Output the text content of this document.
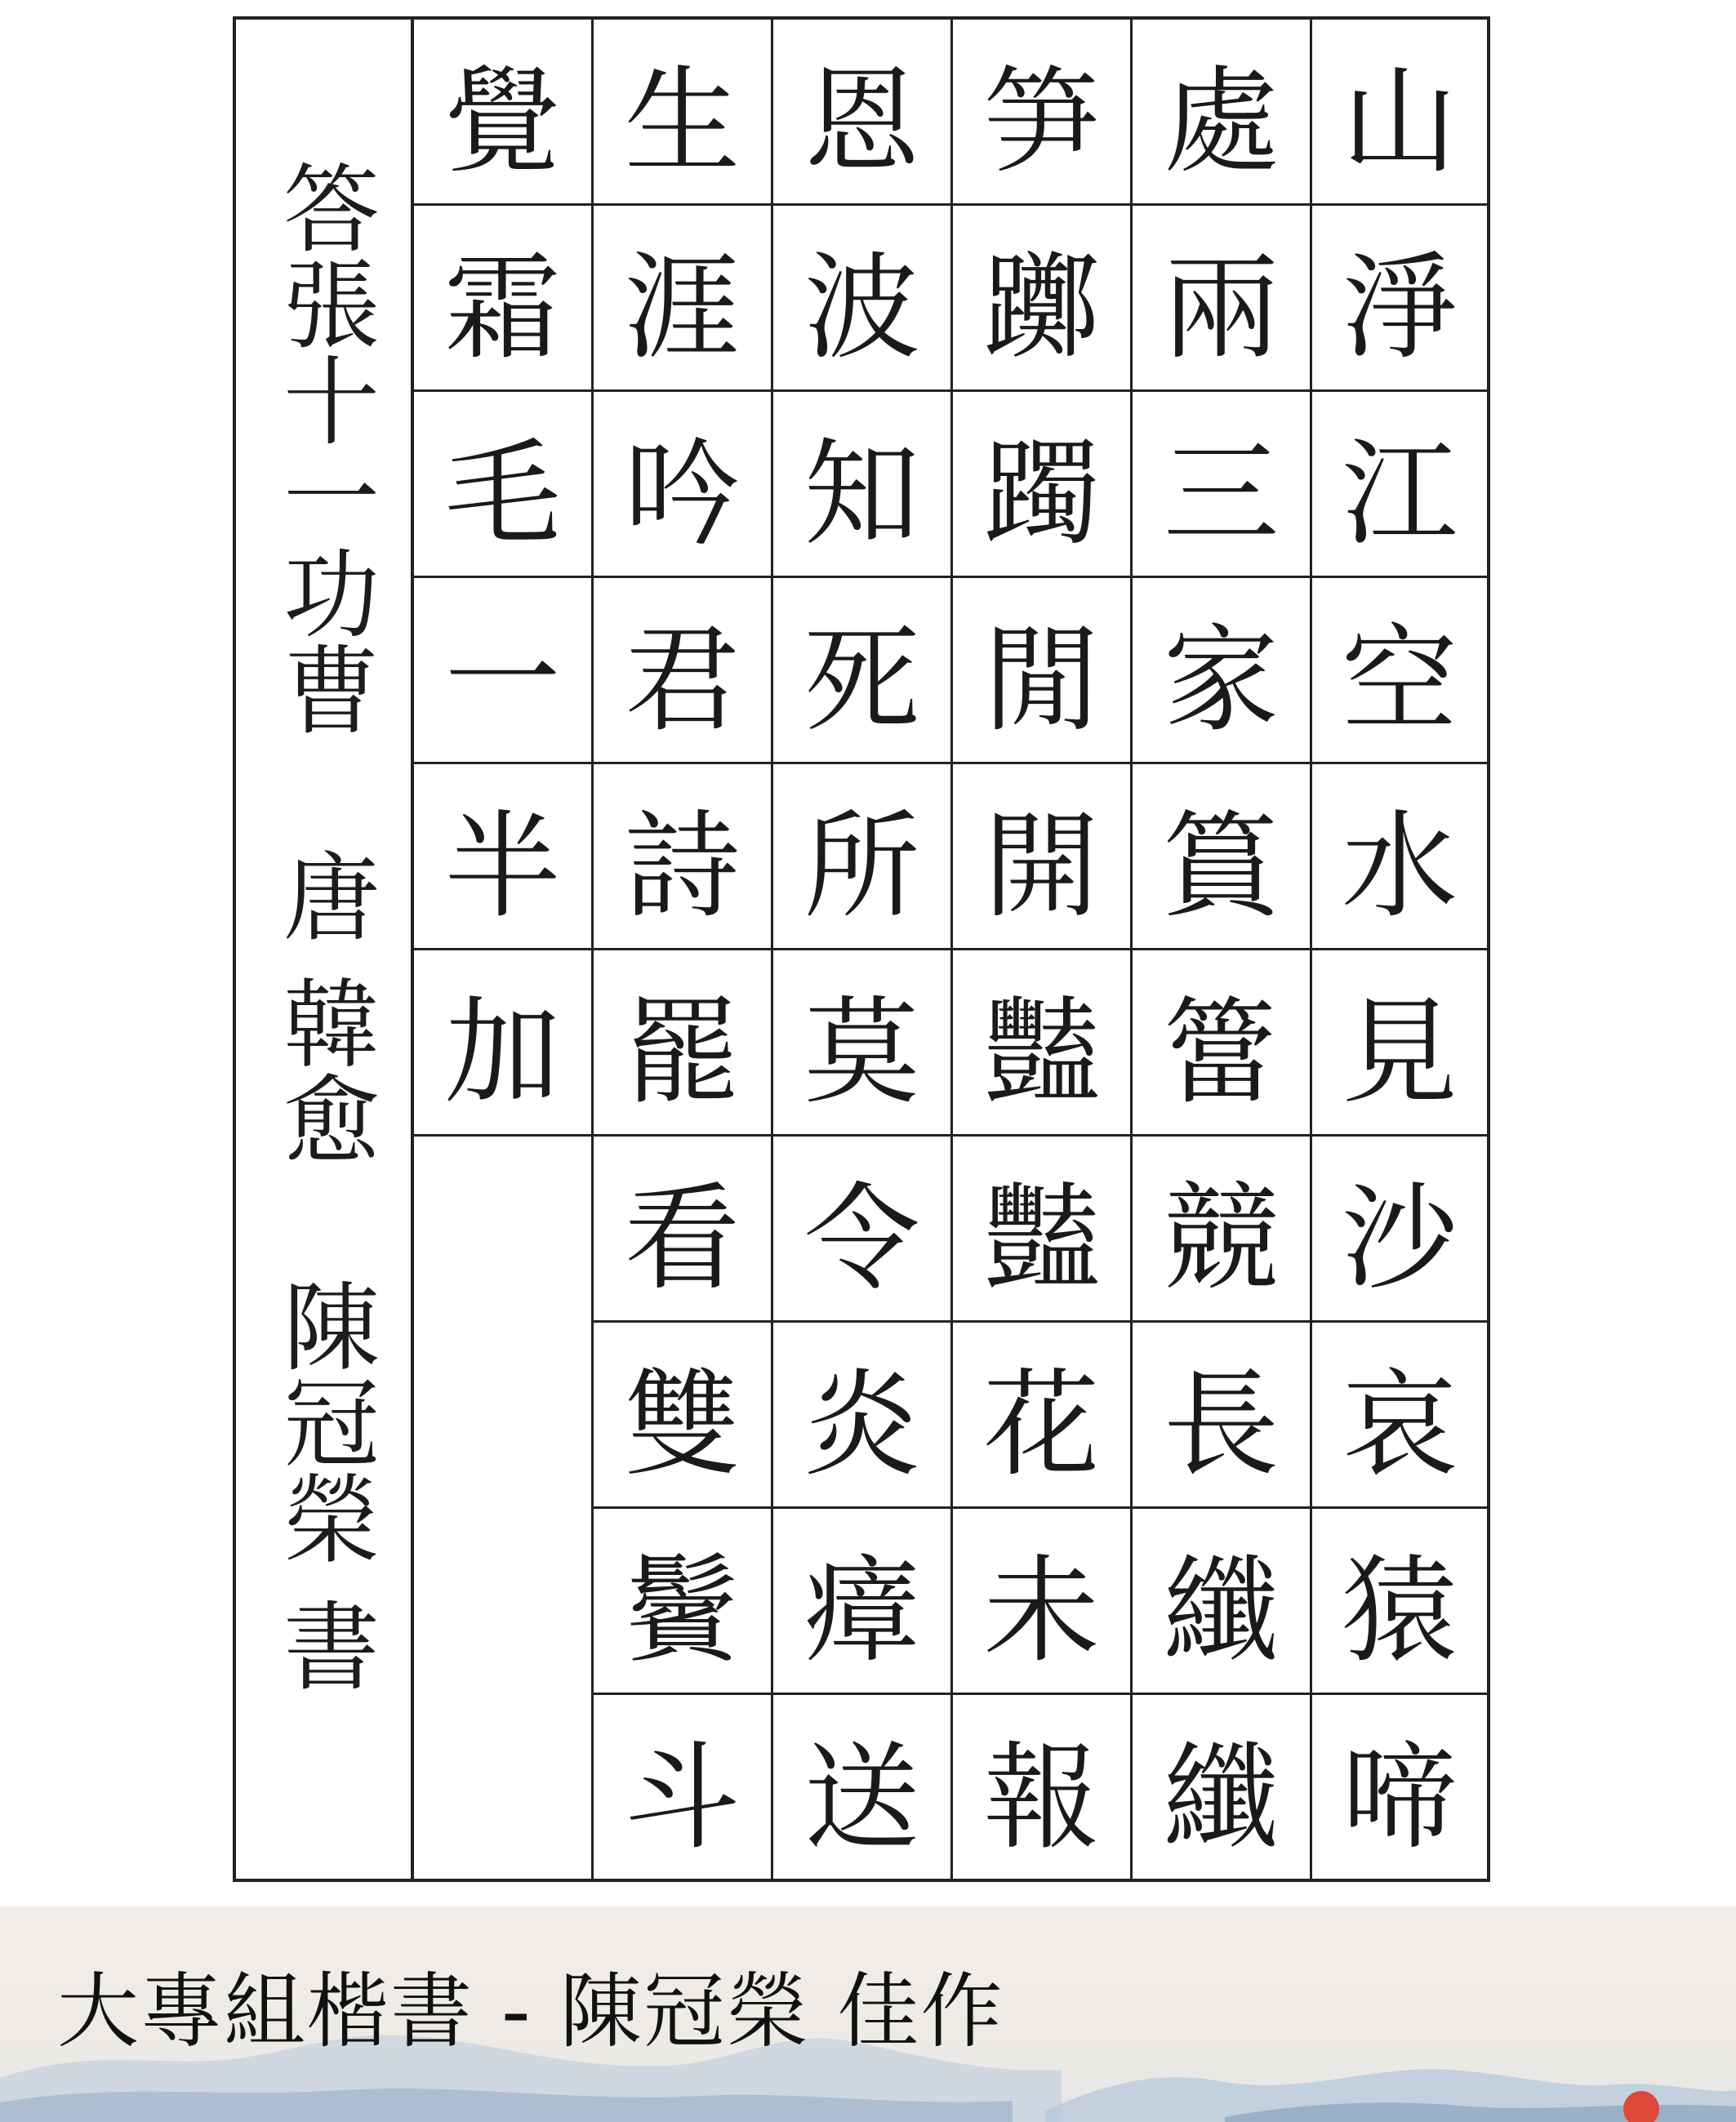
答張十一功曹  唐 韓愈  陳冠榮 書
覺
霜
毛
一
半
加
生
涯
吟
君
詩
罷
看
雙
鬢
斗
恩
波
知
死
所
莫
令
炎
瘴
送
笋
躑
躅
閒
開
豔
豔
花
未
報
處
兩
三
家
篔
簹
競
長
纖
纖
山
淨
江
空
水
見
沙
哀
猿
啼
大專組楷書 - 陳冠榮 佳作
